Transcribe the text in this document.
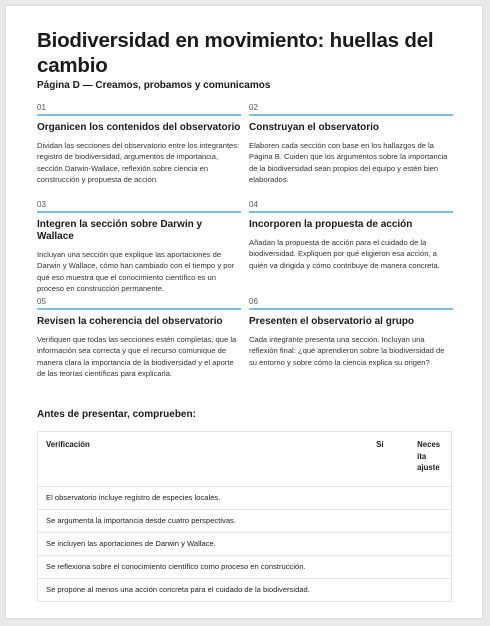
Biodiversidad en movimiento: huellas del cambio
Página D — Creamos, probamos y comunicamos
01
Organicen los contenidos del observatorio
Dividan las secciones del observatorio entre los integrantes: registro de biodiversidad, argumentos de importancia, sección Darwin-Wallace, reflexión sobre ciencia en construcción y propuesta de acción.
02
Construyan el observatorio
Elaboren cada sección con base en los hallazgos de la Página B. Cuiden que los argumentos sobre la importancia de la biodiversidad sean propios del equipo y estén bien elaborados.
03
Integren la sección sobre Darwin y Wallace
Incluyan una sección que explique las aportaciones de Darwin y Wallace, cómo han cambiado con el tiempo y por qué eso muestra que el conocimiento científico es un proceso en construcción permanente.
04
Incorporen la propuesta de acción
Añadan la propuesta de acción para el cuidado de la biodiversidad. Expliquen por qué eligieron esa acción, a quién va dirigida y cómo contribuye de manera concreta.
05
Revisen la coherencia del observatorio
Verifiquen que todas las secciones estén completas, que la información sea correcta y que el recurso comunique de manera clara la importancia de la biodiversidad y el aporte de las teorías científicas para explicarla.
06
Presenten el observatorio al grupo
Cada integrante presenta una sección. Incluyan una reflexión final: ¿qué aprendieron sobre la biodiversidad de su entorno y sobre cómo la ciencia explica su origen?
Antes de presentar, comprueben:
Verificación	Sí	Neces ita ajuste
El observatorio incluye registro de especies locales.		
Se argumenta la importancia desde cuatro perspectivas.		
Se incluyen las aportaciones de Darwin y Wallace.		
Se reflexiona sobre el conocimiento científico como proceso en construcción.		
Se propone al menos una acción concreta para el cuidado de la biodiversidad.		
